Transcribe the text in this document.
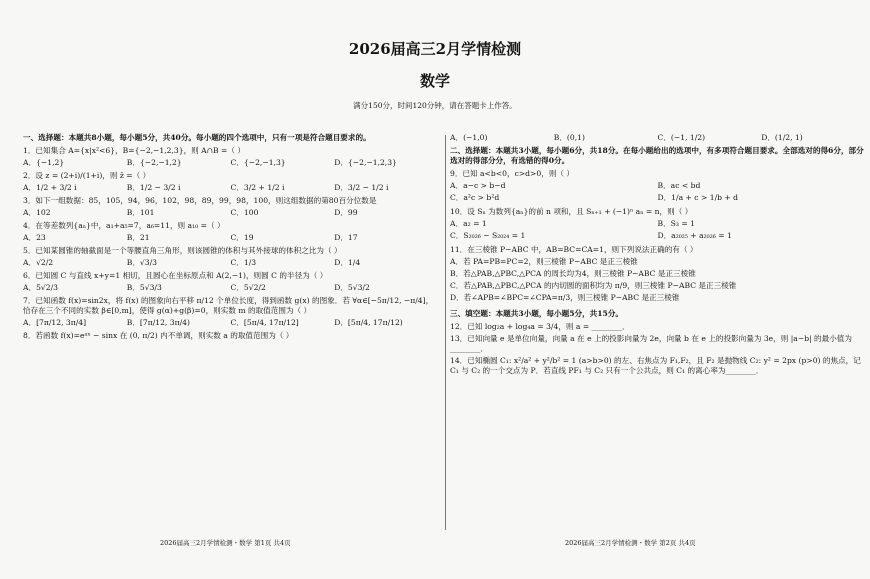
2026届高三2月学情检测
数学
满分150分，时间120分钟，请在答题卡上作答。
一、选择题：本题共8小题，每小题5分，共40分。每小题的四个选项中，只有一项是符合题目要求的。
1．已知集合 A={x|x²<6}，B={−2,−1,2,3}，则 A∩B =（ ）
A．{−1,2}	B．{−2,−1,2}	C．{−2,−1,3}	D．{−2,−1,2,3}
2．设 z = (2+i)/(1+i)，则 z̄ =（ ）
A．1/2 + 3/2 i	B．1/2 − 3/2 i	C．3/2 + 1/2 i	D．3/2 − 1/2 i
3．如下一组数据：85，105，94，96，102，98，89，99，98，100，则这组数据的第80百分位数是
A．102	B．101	C．100	D．99
4．在等差数列{aₙ}中，a₁+a₅=7，a₆=11，则 a₁₀ =（ ）
A．23	B．21	C．19	D．17
5．已知某圆锥的轴截面是一个等腰直角三角形，则该圆锥的体积与其外接球的体积之比为（ ）
A．√2/2	B．√3/3	C．1/3	D．1/4
6．已知圆 C 与直线 x+y=1 相切，且圆心在坐标原点和 A(2,−1)，则圆 C 的半径为（ ）
A．5√2/3	B．5√3/3	C．5√2/2	D．5√3/2
7．已知函数 f(x)=sin2x，将 f(x) 的图象向右平移 π/12 个单位长度，得到函数 g(x) 的图象．若 ∀α∈[−5π/12, −π/4]，恰存在三个不同的实数 β∈[0,m]，使得 g(α)+g(β)=0，则实数 m 的取值范围为（ ）
A．[7π/12, 3π/4]	B．[7π/12, 3π/4)	C．[5π/4, 17π/12]	D．[5π/4, 17π/12)
8．若函数 f(x)=eᵃˣ − sinx 在 (0, π/2) 内不单调，则实数 a 的取值范围为（ ）
A．(−1,0)	B．(0,1)	C．(−1, 1/2)	D．(1/2, 1)
二、选择题：本题共3小题，每小题6分，共18分。在每小题给出的选项中，有多项符合题目要求。全部选对的得6分，部分选对的得部分分，有选错的得0分。
9．已知 a<b<0，c>d>0，则（ ）
A．a−c > b−d	B．ac < bd
C．a²c > b²d	D．1/a + c > 1/b + d
10．设 Sₙ 为数列{aₙ}的前 n 项和，且 Sₙ₊₁ + (−1)ⁿ aₙ = n，则（ ）
A．a₂ = 1	B．S₃ = 1
C．S₂₀₂₆ − S₂₀₂₄ = 1	D．a₂₀₂₅ + a₂₀₂₆ = 1
11．在三棱锥 P−ABC 中，AB=BC=CA=1，则下列说法正确的有（ ）
A．若 PA=PB=PC=2，则三棱锥 P−ABC 是正三棱锥
B．若△PAB,△PBC,△PCA 的周长均为4，则三棱锥 P−ABC 是正三棱锥
C．若△PAB,△PBC,△PCA 的内切圆的面积均为 π/9，则三棱锥 P−ABC 是正三棱锥
D．若∠APB=∠BPC=∠CPA=π/3，则三棱锥 P−ABC 是正三棱锥
三、填空题：本题共3小题，每小题5分，共15分。
12．已知 log₂a + log₄a = 3/4，则 a = ________．
13．已知向量 e 是单位向量，向量 a 在 e 上的投影向量为 2e，向量 b 在 e 上的投影向量为 3e，则 |a−b| 的最小值为________．
14．已知椭圆 C₁: x²/a² + y²/b² = 1 (a>b>0) 的左、右焦点为 F₁,F₂，且 F₂ 是抛物线 C₂: y² = 2px (p>0) 的焦点，记 C₁ 与 C₂ 的一个交点为 P．若直线 PF₁ 与 C₂ 只有一个公共点，则 C₁ 的离心率为________．
2026届高三2月学情检测・数学 第1页 共4页	2026届高三2月学情检测・数学 第2页 共4页
